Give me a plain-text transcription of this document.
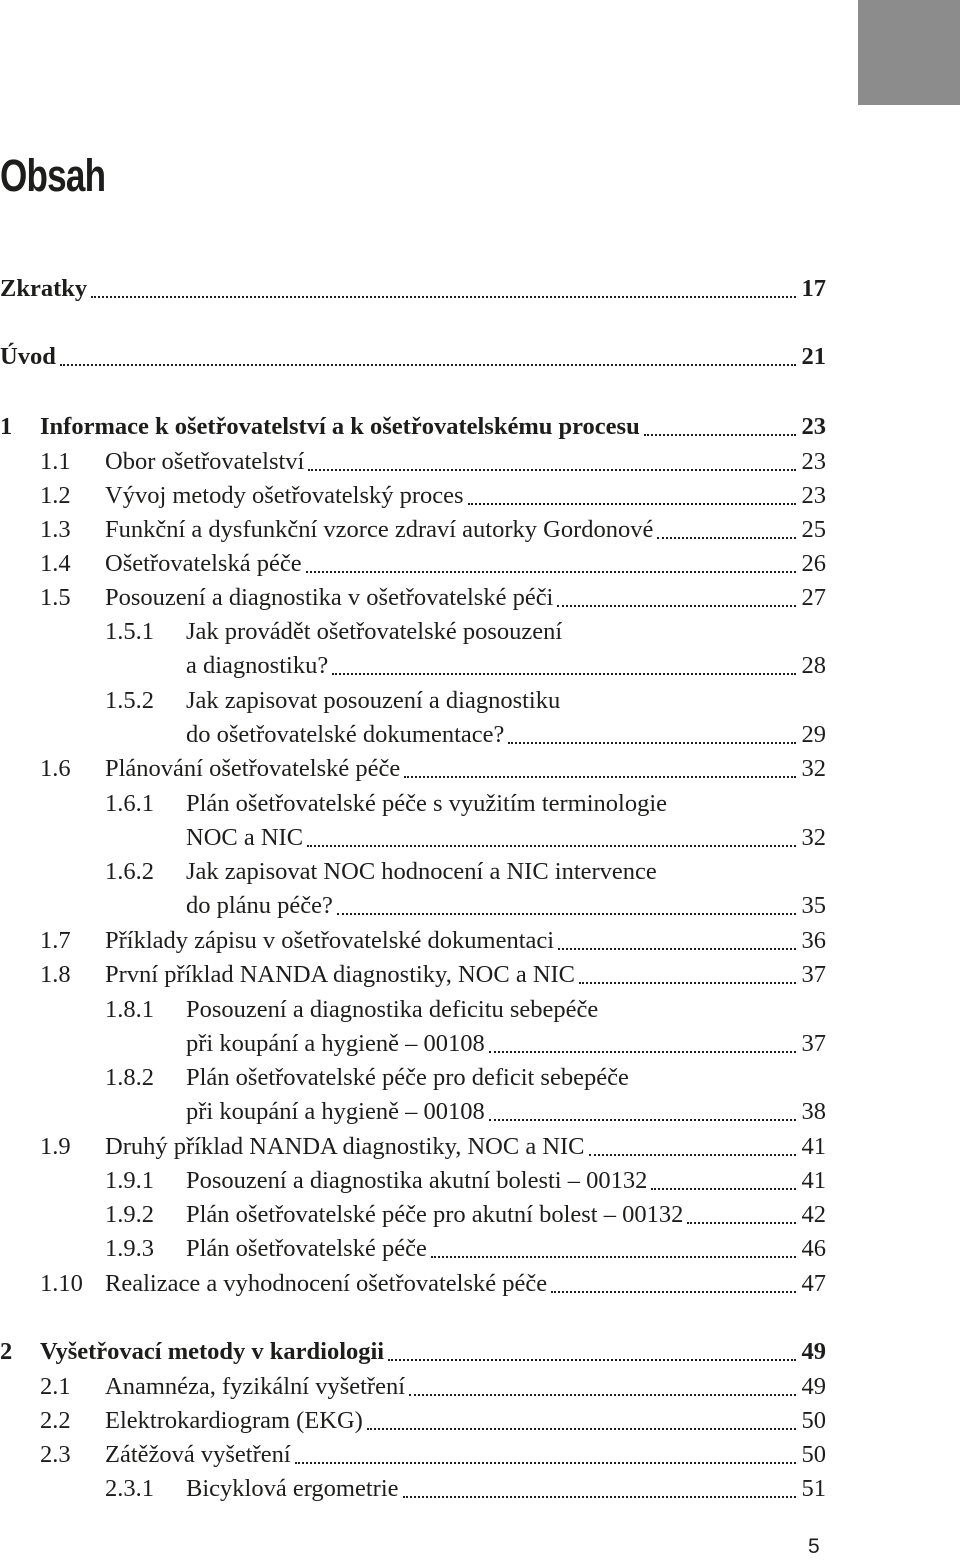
Obsah
Zkratky	17
Úvod	21
1 Informace k ošetřovatelství a k ošetřovatelskému procesu	23
1.1 Obor ošetřovatelství	23
1.2 Vývoj metody ošetřovatelský proces	23
1.3 Funkční a dysfunkční vzorce zdraví autorky Gordonové	25
1.4 Ošetřovatelská péče	26
1.5 Posouzení a diagnostika v ošetřovatelské péči	27
1.5.1 Jak provádět ošetřovatelské posouzení
a diagnostiku?	28
1.5.2 Jak zapisovat posouzení a diagnostiku
do ošetřovatelské dokumentace?	29
1.6 Plánování ošetřovatelské péče	32
1.6.1 Plán ošetřovatelské péče s využitím terminologie
NOC a NIC	32
1.6.2 Jak zapisovat NOC hodnocení a NIC intervence
do plánu péče?	35
1.7 Příklady zápisu v ošetřovatelské dokumentaci	36
1.8 První příklad NANDA diagnostiky, NOC a NIC	37
1.8.1 Posouzení a diagnostika deficitu sebepéče
při koupání a hygieně – 00108	37
1.8.2 Plán ošetřovatelské péče pro deficit sebepéče
při koupání a hygieně – 00108	38
1.9 Druhý příklad NANDA diagnostiky, NOC a NIC	41
1.9.1 Posouzení a diagnostika akutní bolesti – 00132	41
1.9.2 Plán ošetřovatelské péče pro akutní bolest – 00132	42
1.9.3 Plán ošetřovatelské péče	46
1.10 Realizace a vyhodnocení ošetřovatelské péče	47
2 Vyšetřovací metody v kardiologii	49
2.1 Anamnéza, fyzikální vyšetření	49
2.2 Elektrokardiogram (EKG)	50
2.3 Zátěžová vyšetření	50
2.3.1 Bicyklová ergometrie	51
5
